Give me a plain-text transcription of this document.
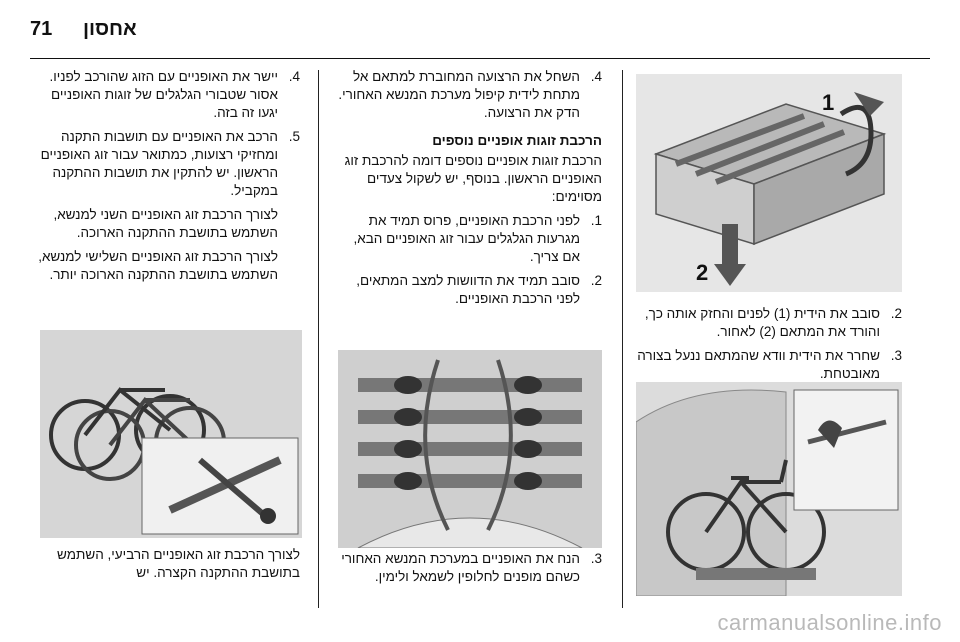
71 אחסון
1
2
2.
סובב את הידית (1) לפנים והחזק אותה כך, והורד את המתאם (2) לאחור.
3.
שחרר את הידית וודא שהמתאם ננעל בצורה מאובטחת.
4.
השחל את הרצועה המחוברת למתאם אל מתחת לידית קיפול מערכת המנשא האחורי. הדק את הרצועה.
הרכבת זוגות אופניים נוספים
הרכבת זוגות אופניים נוספים דומה להרכבת זוג האופניים הראשון. בנוסף, יש לשקול צעדים מסוימים:
1.
לפני הרכבת האופניים, פרוס תמיד את מגרעות הגלגלים עבור זוג האופניים הבא, אם צריך.
2.
סובב תמיד את הדוושות למצב המתאים, לפני הרכבת האופניים.
3.
הנח את האופניים במערכת המנשא האחורי כשהם מופנים לחלופין לשמאל ולימין.
4.
יישר את האופניים עם הזוג שהורכב לפניו. אסור שטבורי הגלגלים של זוגות האופניים יגעו זה בזה.
5.
הרכב את האופניים עם תושבות התקנה ומחזיקי רצועות, כמתואר עבור זוג האופניים הראשון. יש להתקין את תושבות ההתקנה במקביל.
לצורך הרכבת זוג האופניים השני למנשא, השתמש בתושבת ההתקנה הארוכה.
לצורך הרכבת זוג האופניים השלישי למנשא, השתמש בתושבת ההתקנה הארוכה יותר.
לצורך הרכבת זוג האופניים הרביעי, השתמש בתושבת ההתקנה הקצרה. יש
carmanualsonline.info
